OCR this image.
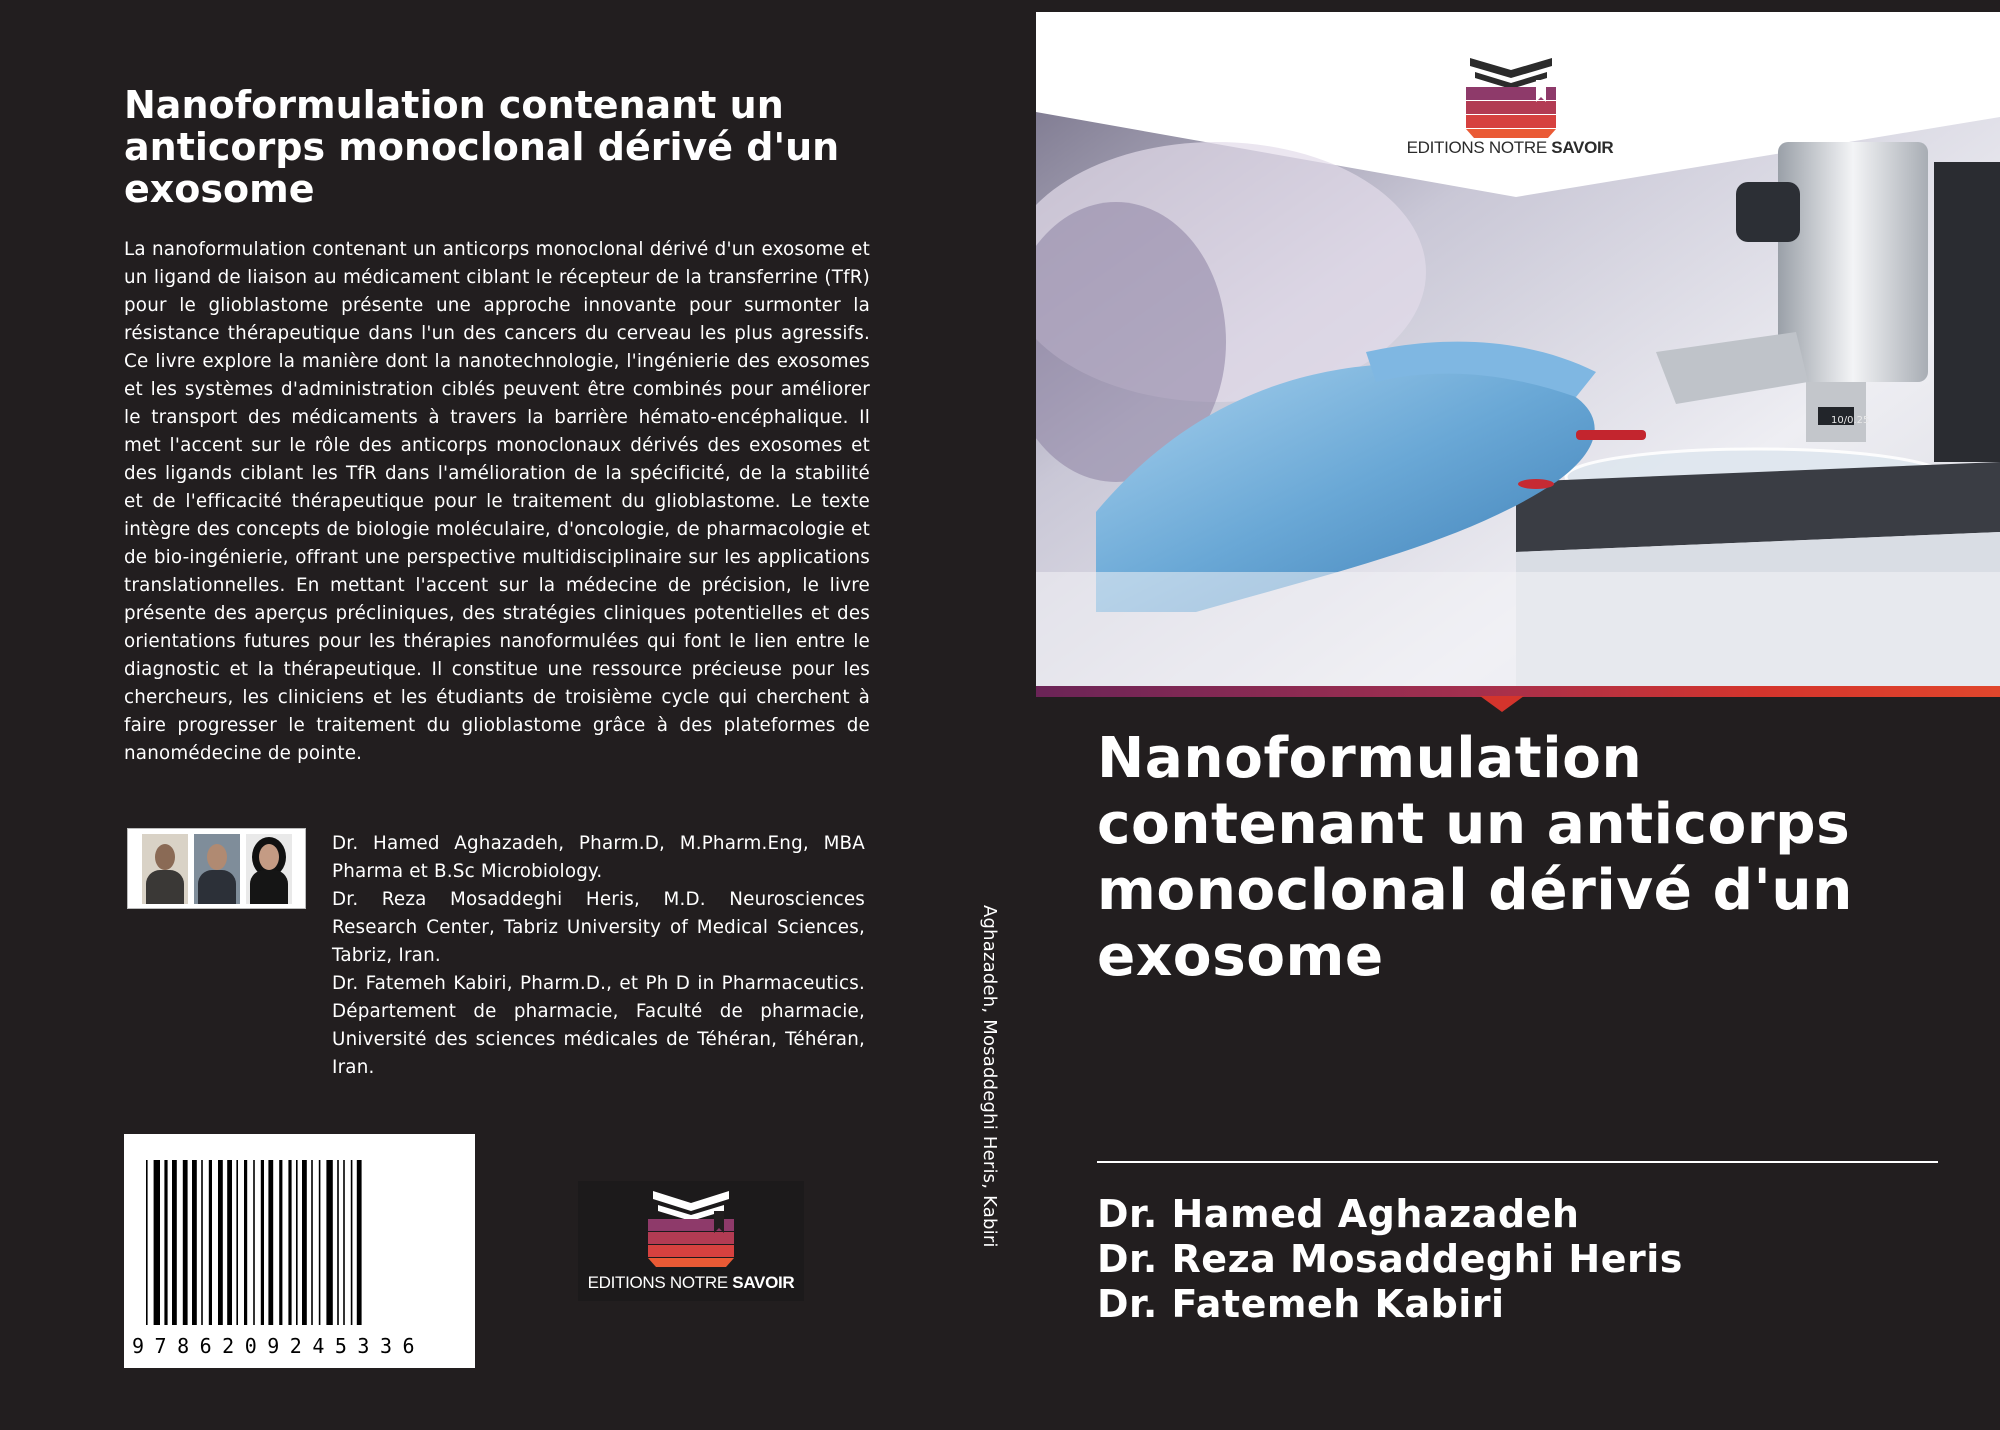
Nanoformulation contenant un anticorps monoclonal dérivé d'un exosome

La nanoformulation contenant un anticorps monoclonal dérivé d'un exosome et un ligand de liaison au médicament ciblant le récepteur de la transferrine (TfR) pour le glioblastome présente une approche innovante pour surmonter la résistance thérapeutique dans l'un des cancers du cerveau les plus agressifs. Ce livre explore la manière dont la nanotechnologie, l'ingénierie des exosomes et les systèmes d'administration ciblés peuvent être combinés pour améliorer le transport des médicaments à travers la barrière hémato-encéphalique. Il met l'accent sur le rôle des anticorps monoclonaux dérivés des exosomes et des ligands ciblant les TfR dans l'amélioration de la spécificité, de la stabilité et de l'efficacité thérapeutique pour le traitement du glioblastome. Le texte intègre des concepts de biologie moléculaire, d'oncologie, de pharmacologie et de bio-ingénierie, offrant une perspective multidisciplinaire sur les applications translationnelles. En mettant l'accent sur la médecine de précision, le livre présente des aperçus précliniques, des stratégies cliniques potentielles et des orientations futures pour les thérapies nanoformulées qui font le lien entre le diagnostic et la thérapeutique. Il constitue une ressource précieuse pour les chercheurs, les cliniciens et les étudiants de troisième cycle qui cherchent à faire progresser le traitement du glioblastome grâce à des plateformes de nanomédecine de pointe.

Dr. Hamed Aghazadeh, Pharm.D, M.Pharm.Eng, MBA Pharma et B.Sc Microbiology.

Dr. Reza Mosaddeghi Heris, M.D. Neurosciences Research Center, Tabriz University of Medical Sciences, Tabriz, Iran.

Dr. Fatemeh Kabiri, Pharm.D., et Ph D in Pharmaceutics. Département de pharmacie, Faculté de pharmacie, Université des sciences médicales de Téhéran, Téhéran, Iran.

9786209245336
EDITIONS NOTRE SAVOIR
Aghazadeh, Mosaddeghi Heris, Kabiri
10/0.25
EDITIONS NOTRE SAVOIR
Nanoformulation contenant un anticorps monoclonal dérivé d'un exosome
Dr. Hamed Aghazadeh
Dr. Reza Mosaddeghi Heris
Dr. Fatemeh Kabiri
